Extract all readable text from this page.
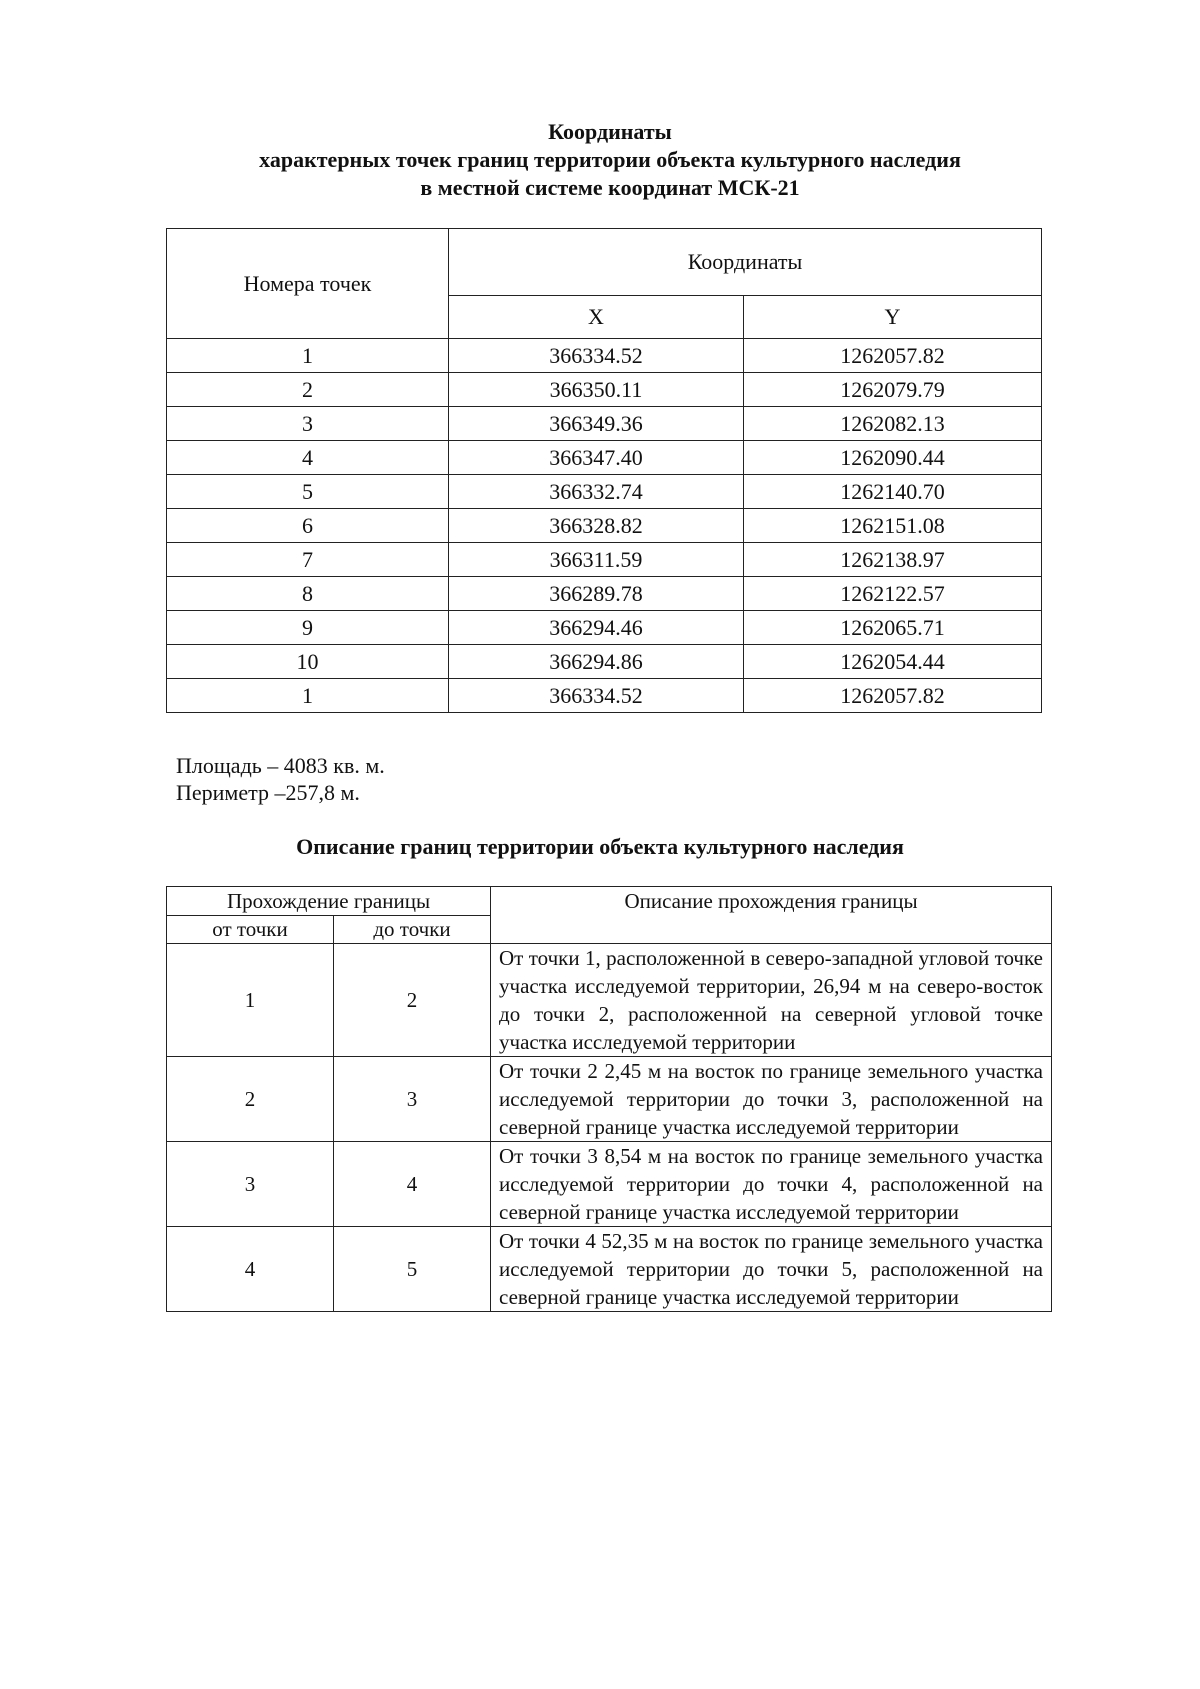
Координаты
характерных точек границ территории объекта культурного наследия
в местной системе координат МСК-21
Номера точек	Координаты	
	X	Y
1	366334.52	1262057.82
2	366350.11	1262079.79
3	366349.36	1262082.13
4	366347.40	1262090.44
5	366332.74	1262140.70
6	366328.82	1262151.08
7	366311.59	1262138.97
8	366289.78	1262122.57
9	366294.46	1262065.71
10	366294.86	1262054.44
1	366334.52	1262057.82
Площадь – 4083 кв. м.
Периметр –257,8 м.
Описание границ территории объекта культурного наследия
Прохождение границы		Описание прохождения границы
от точки	до точки	
1	2	От точки 1, расположенной в северо-западной угловой точке участка исследуемой территории, 26,94 м на северо-восток до точки 2, расположенной на северной угловой точке участка исследуемой территории
2	3	От точки 2 2,45 м на восток по границе земельного участка исследуемой территории до точки 3, расположенной на северной границе участка исследуемой территории
3	4	От точки 3 8,54 м на восток по границе земельного участка исследуемой территории до точки 4, расположенной на северной границе участка исследуемой территории
4	5	От точки 4 52,35 м на восток по границе земельного участка исследуемой территории до точки 5, расположенной на северной границе участка исследуемой территории
